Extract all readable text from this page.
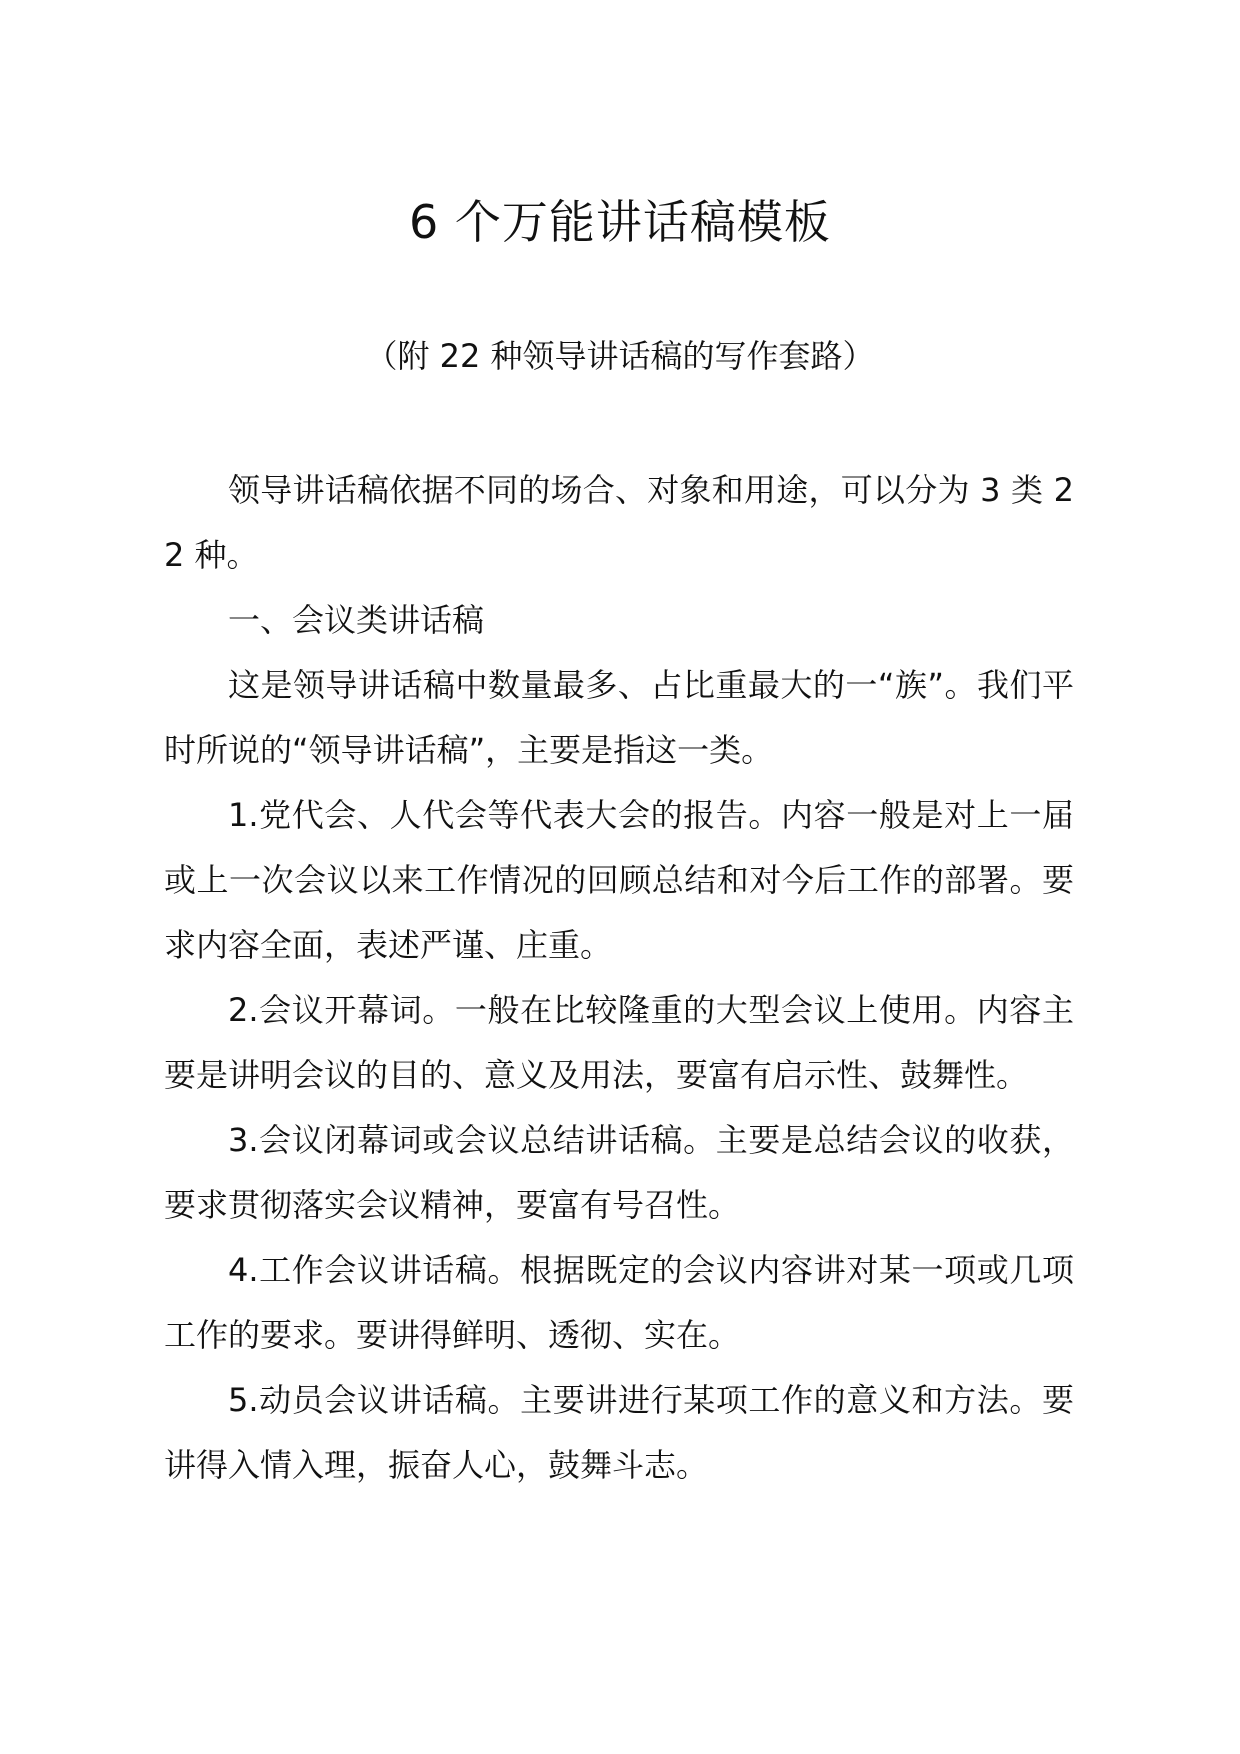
6 个万能讲话稿模板
（附 22 种领导讲话稿的写作套路）

领导讲话稿依据不同的场合、对象和用途，可以分为 3 类 22 种。

一、会议类讲话稿

这是领导讲话稿中数量最多、占比重最大的一“族”。我们平时所说的“领导讲话稿”，主要是指这一类。

1.党代会、人代会等代表大会的报告。内容一般是对上一届或上一次会议以来工作情况的回顾总结和对今后工作的部署。要求内容全面，表述严谨、庄重。

2.会议开幕词。一般在比较隆重的大型会议上使用。内容主要是讲明会议的目的、意义及用法，要富有启示性、鼓舞性。

3.会议闭幕词或会议总结讲话稿。主要是总结会议的收获，要求贯彻落实会议精神，要富有号召性。

4.工作会议讲话稿。根据既定的会议内容讲对某一项或几项工作的要求。要讲得鲜明、透彻、实在。

5.动员会议讲话稿。主要讲进行某项工作的意义和方法。要讲得入情入理，振奋人心，鼓舞斗志。
